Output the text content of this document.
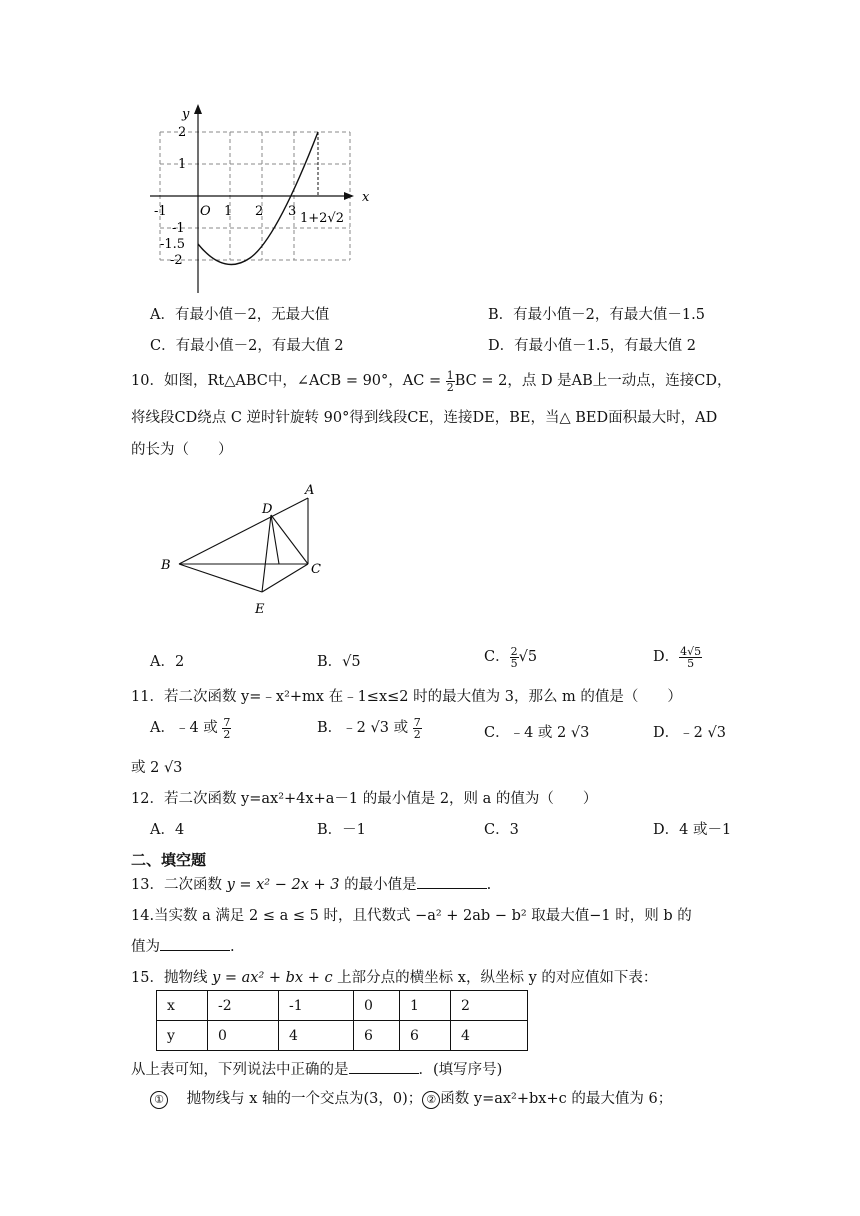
y
x
O
-1	1 2 3 1+2√2
2
1
-1
-1.5
-2
A．有最小值－2，无最大值	B．有最小值－2，有最大值－1.5
C．有最小值－2，有最大值 2	D．有最小值－1.5，有最大值 2
10．如图，Rt△ABC中，∠ACB = 90°，AC = $\frac{1}{2}$ BC = 2，点 D 是AB上一动点，连接CD，
将线段CD绕点 C 逆时针旋转 90°得到线段CE，连接DE，BE，当△ BED面积最大时，AD
的长为（　　）
A
B	C
D
E
A．2	B．√5	C． $\frac{2}{5} √5$	D． $\frac{4√5}{5}$
11．若二次函数 y=﹣x²+mx 在﹣1≤x≤2 时的最大值为 3，那么 m 的值是（　　）
A．﹣4 或 $\frac{7}{2}$	B．﹣2 √3 或 $\frac{7}{2}$	C．﹣4 或 2 √3	D．﹣2 √3
或 2 √3
12．若二次函数 y=ax²+4x+a－1 的最小值是 2，则 a 的值为（　　）
A．4	B．－1	C．3	D．4 或－1
二、填空题
13．二次函数 y = x² − 2x + 3 的最小值是	.
14.当实数 a 满足 2 ≤ a ≤ 5 时，且代数式 −a² + 2ab − b² 取最大值−1 时，则 b 的
值为	.
15．抛物线 y = ax² + bx + c 上部分点的横坐标 x，纵坐标 y 的对应值如下表：
x	-2	-1	0	1	2
y	0	4	6	6	4
从上表可知，下列说法中正确的是	．(填写序号)
① 抛物线与 x 轴的一个交点为(3，0)； ② 函数 y=ax²+bx+c 的最大值为 6；
